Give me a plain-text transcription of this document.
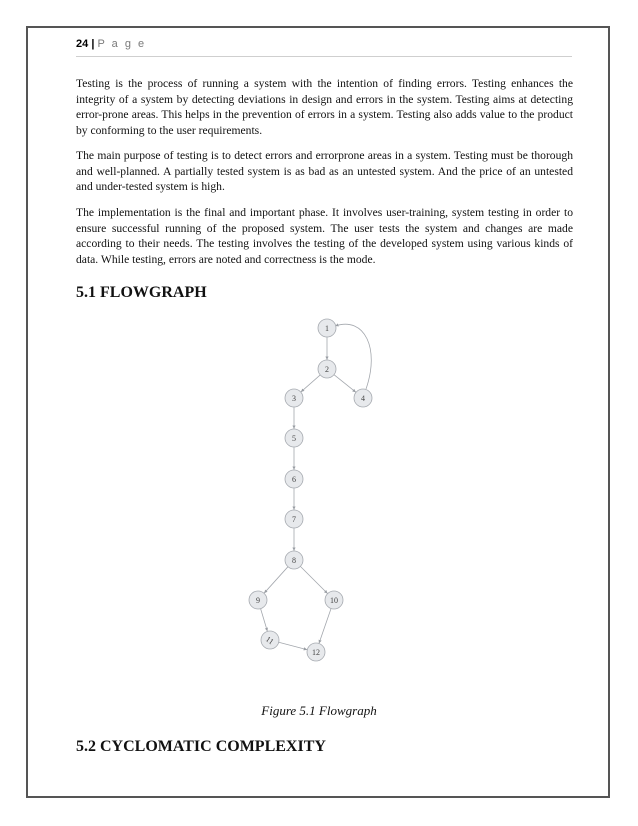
24 | P a g e

Testing is the process of running a system with the intention of finding errors. Testing enhances the integrity of a system by detecting deviations in design and errors in the system. Testing aims at detecting error-prone areas. This helps in the prevention of errors in a system. Testing also adds value to the product by conforming to the user requirements.

The main purpose of testing is to detect errors and errorprone areas in a system. Testing must be thorough and well-planned. A partially tested system is as bad as an untested system. And the price of an untested and under-tested system is high.

The implementation is the final and important phase. It involves user-training, system testing in order to ensure successful running of the proposed system. The user tests the system and changes are made according to their needs. The testing involves the testing of the developed system using various kinds of data. While testing, errors are noted and correctness is the mode.

5.1 FLOWGRAPH
1
2
3	4
5
6
7
8
9	10
11
12
Figure 5.1 Flowgraph
5.2 CYCLOMATIC COMPLEXITY
